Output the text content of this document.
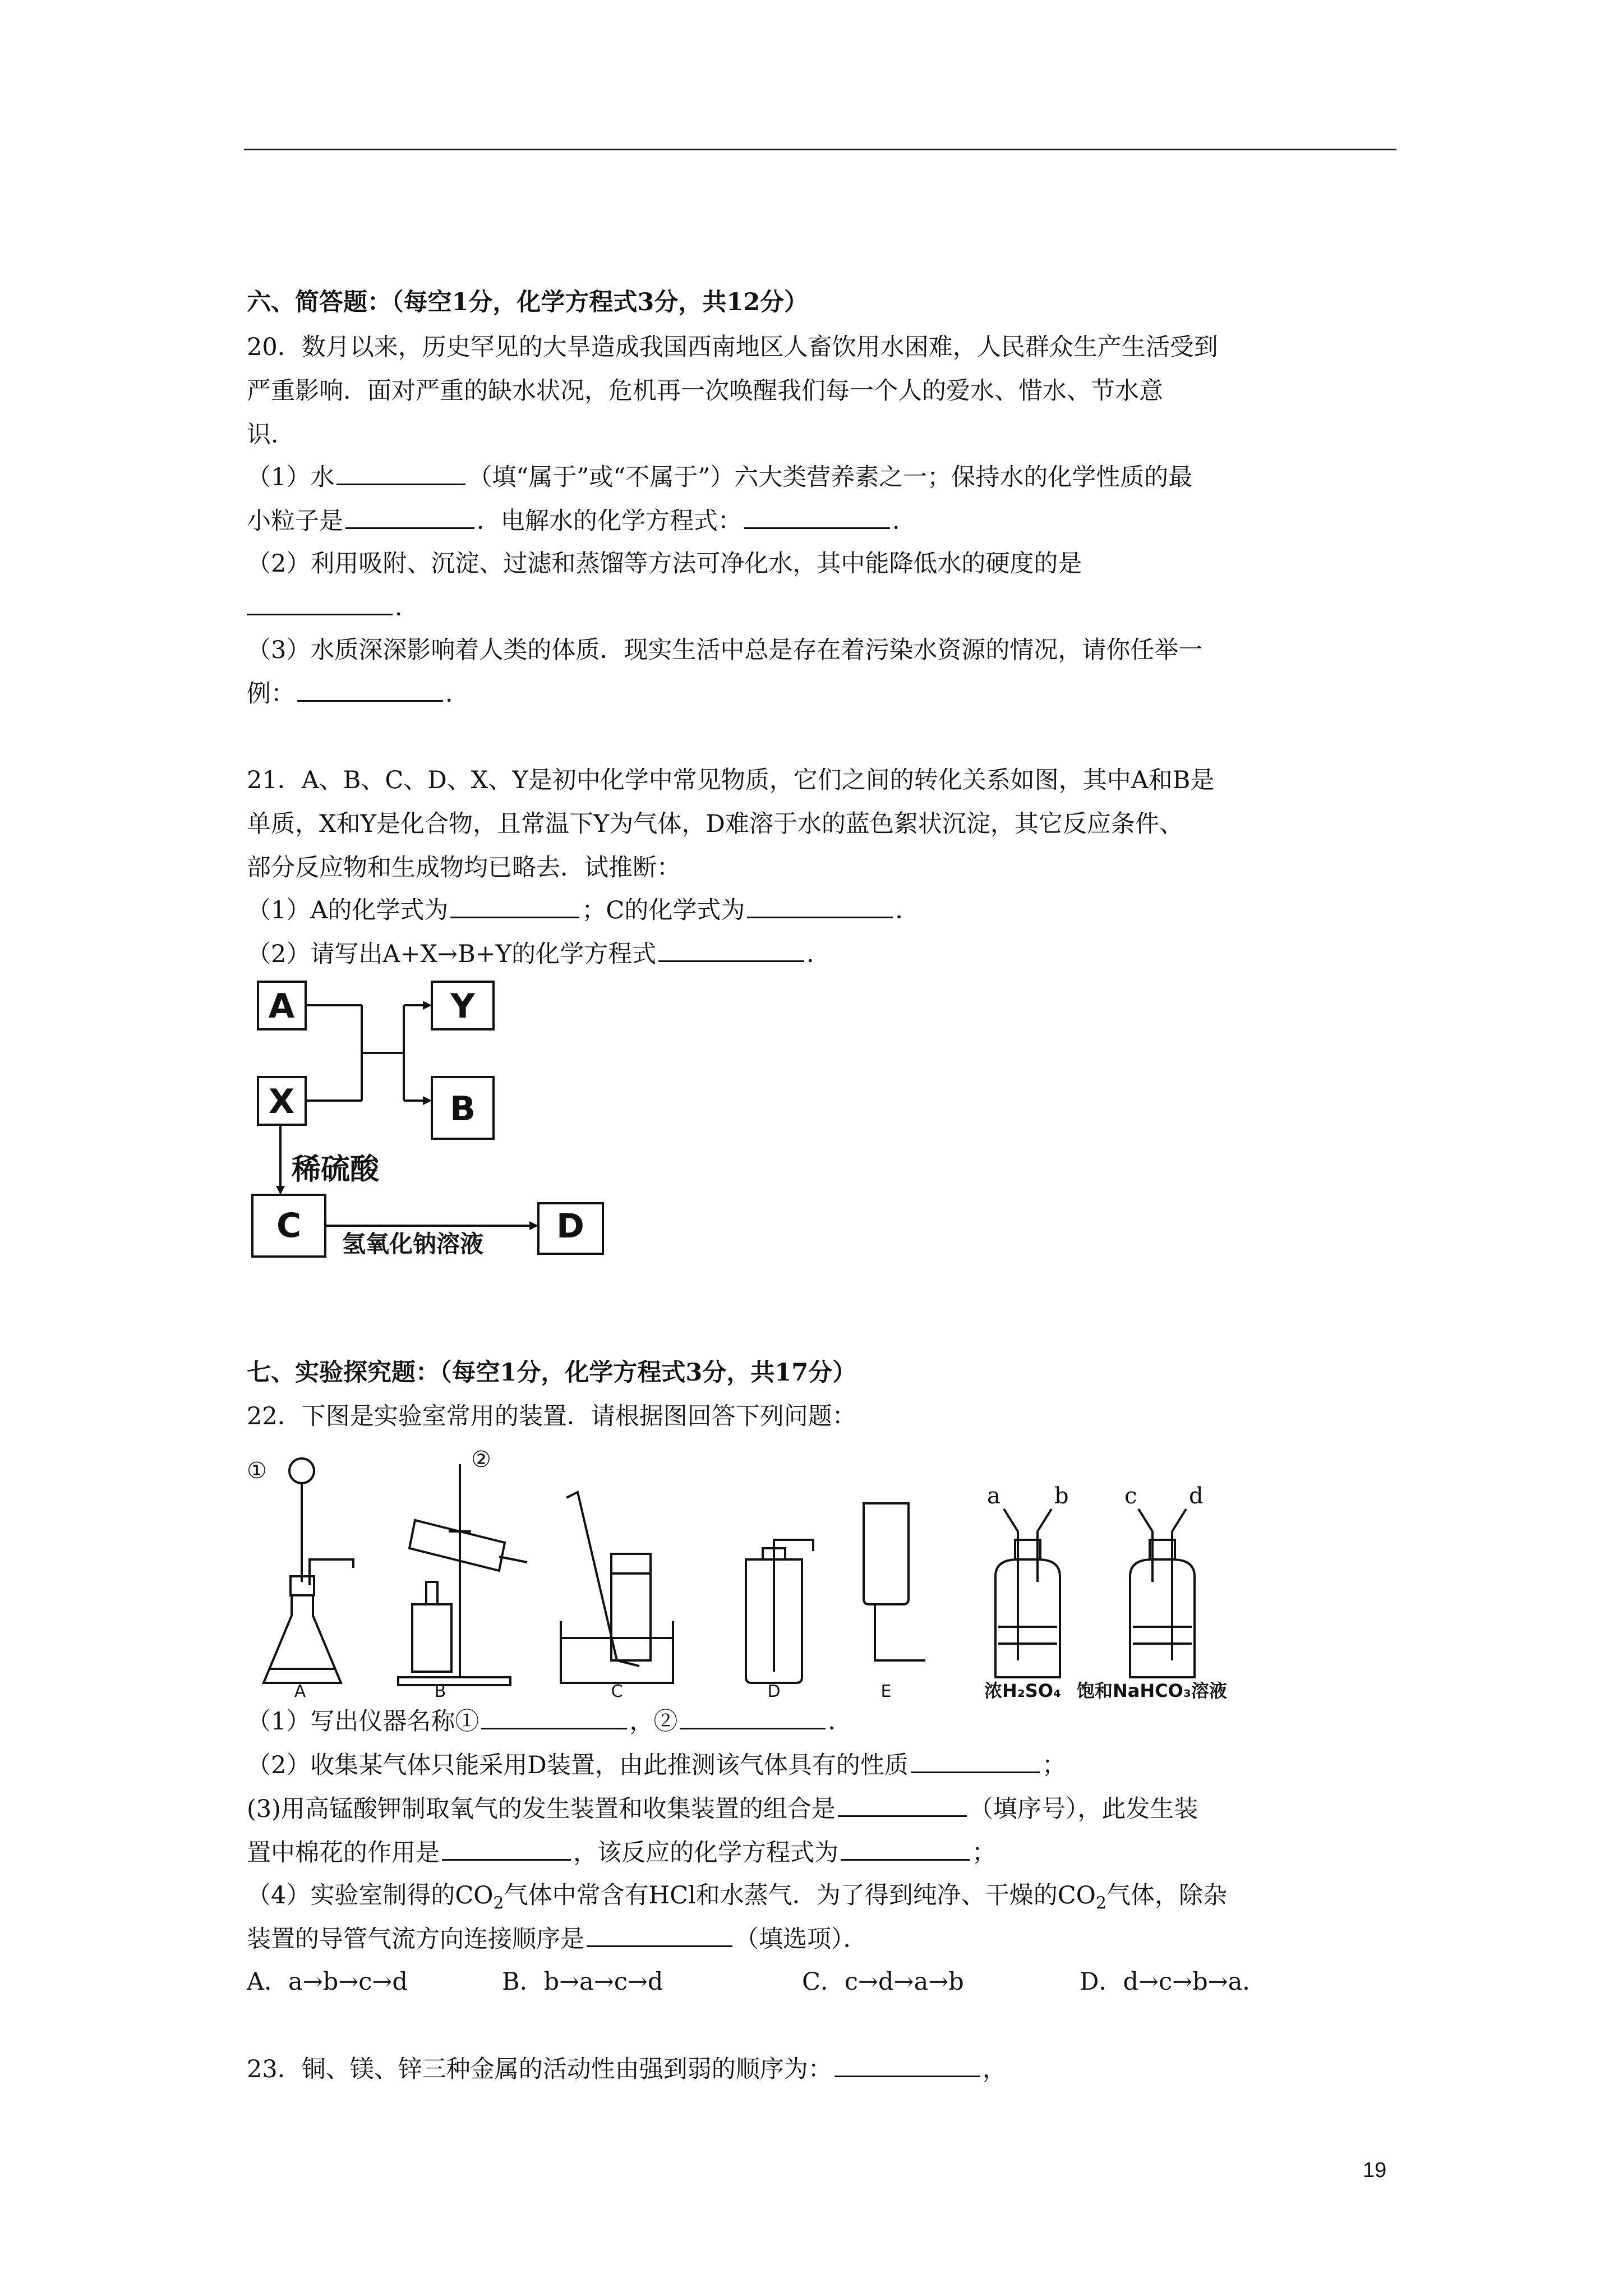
六、简答题：（每空1分，化学方程式3分，共12分）
20．数月以来，历史罕见的大旱造成我国西南地区人畜饮用水困难，人民群众生产生活受到
严重影响．面对严重的缺水状况，危机再一次唤醒我们每一个人的爱水、惜水、节水意
识．
（1）水	（填“属于”或“不属于”）六大类营养素之一；保持水的化学性质的最
小粒子是	．电解水的化学方程式：	．
（2）利用吸附、沉淀、过滤和蒸馏等方法可净化水，其中能降低水的硬度的是
．
（3）水质深深影响着人类的体质．现实生活中总是存在着污染水资源的情况，请你任举一
例：	．
21．A、B、C、D、X、Y是初中化学中常见物质，它们之间的转化关系如图，其中A和B是
单质，X和Y是化合物，且常温下Y为气体，D难溶于水的蓝色絮状沉淀，其它反应条件、
部分反应物和生成物均已略去．试推断：
（1）A的化学式为	；C的化学式为	．
（2）请写出A+X→B+Y的化学方程式	．
A	Y
X	B
C	D
稀硫酸
氢氧化钠溶液
七、实验探究题：（每空1分，化学方程式3分，共17分）
22．下图是实验室常用的装置．请根据图回答下列问题：
①	②
a b c d
A	B	C	D	E	浓H₂SO₄ 饱和NaHCO₃溶液
（1）写出仪器名称①	，②	．
（2）收集某气体只能采用D装置，由此推测该气体具有的性质	；
(3)用高锰酸钾制取氧气的发生装置和收集装置的组合是	（填序号），此发生装
置中棉花的作用是	，该反应的化学方程式为	；
（4）实验室制得的$CO_2$气体中常含有HCl和水蒸气．为了得到纯净、干燥的$CO_2$气体，除杂
装置的导管气流方向连接顺序是	（填选项）．
A．a→b→c→d	B．b→a→c→d	C．c→d→a→b	D．d→c→b→a．
23．铜、镁、锌三种金属的活动性由强到弱的顺序为：	，
19
